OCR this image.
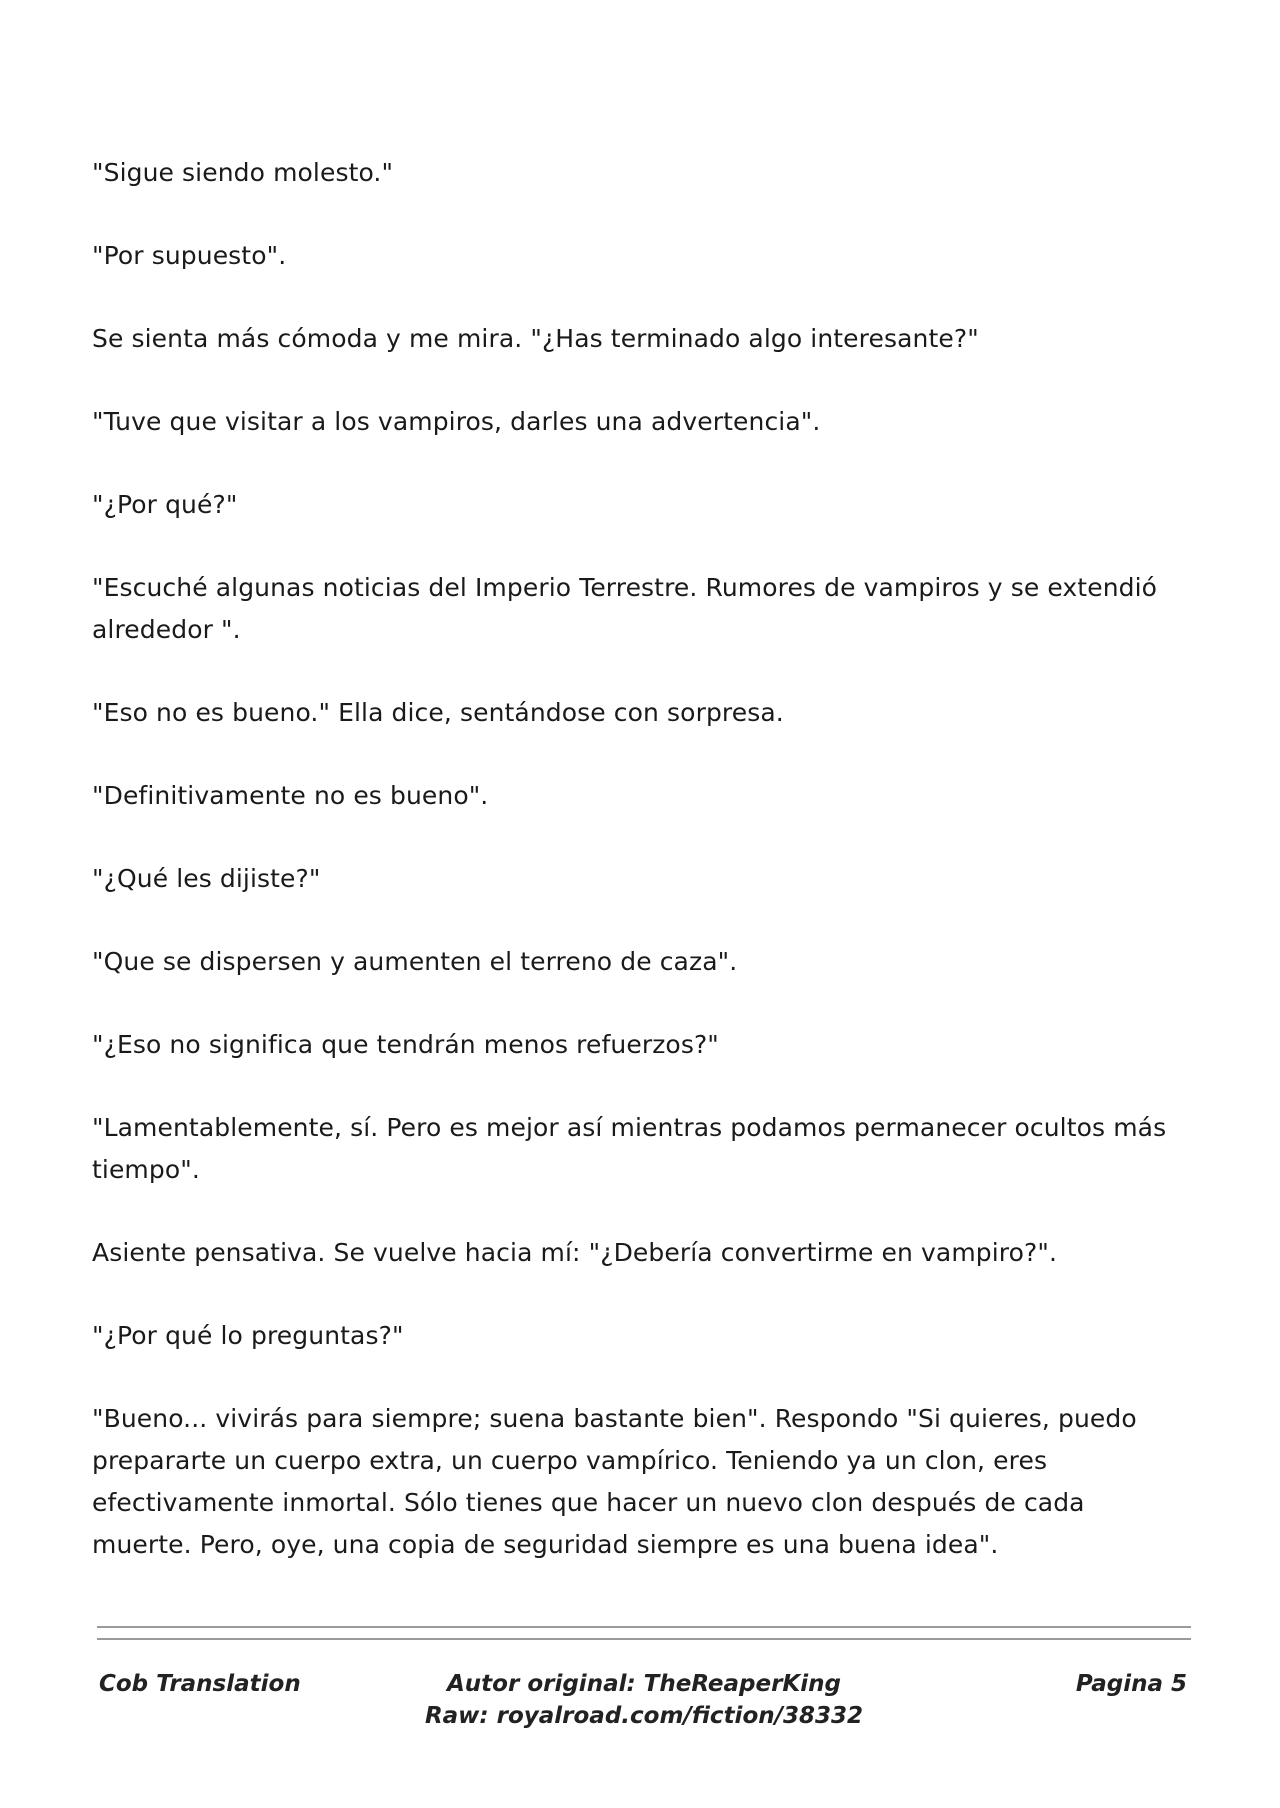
"Sigue siendo molesto."

"Por supuesto".

Se sienta más cómoda y me mira. "¿Has terminado algo interesante?"

"Tuve que visitar a los vampiros, darles una advertencia".

"¿Por qué?"

"Escuché algunas noticias del Imperio Terrestre. Rumores de vampiros y se extendió alrededor ".

"Eso no es bueno." Ella dice, sentándose con sorpresa.

"Definitivamente no es bueno".

"¿Qué les dijiste?"

"Que se dispersen y aumenten el terreno de caza".

"¿Eso no significa que tendrán menos refuerzos?"

"Lamentablemente, sí. Pero es mejor así mientras podamos permanecer ocultos más tiempo".

Asiente pensativa. Se vuelve hacia mí: "¿Debería convertirme en vampiro?".

"¿Por qué lo preguntas?"

"Bueno... vivirás para siempre; suena bastante bien". Respondo "Si quieres, puedo prepararte un cuerpo extra, un cuerpo vampírico. Teniendo ya un clon, eres efectivamente inmortal. Sólo tienes que hacer un nuevo clon después de cada muerte. Pero, oye, una copia de seguridad siempre es una buena idea".

Cob Translation	Autor original: TheReaperKing
Raw: royalroad.com/fiction/38332
Pagina 5
